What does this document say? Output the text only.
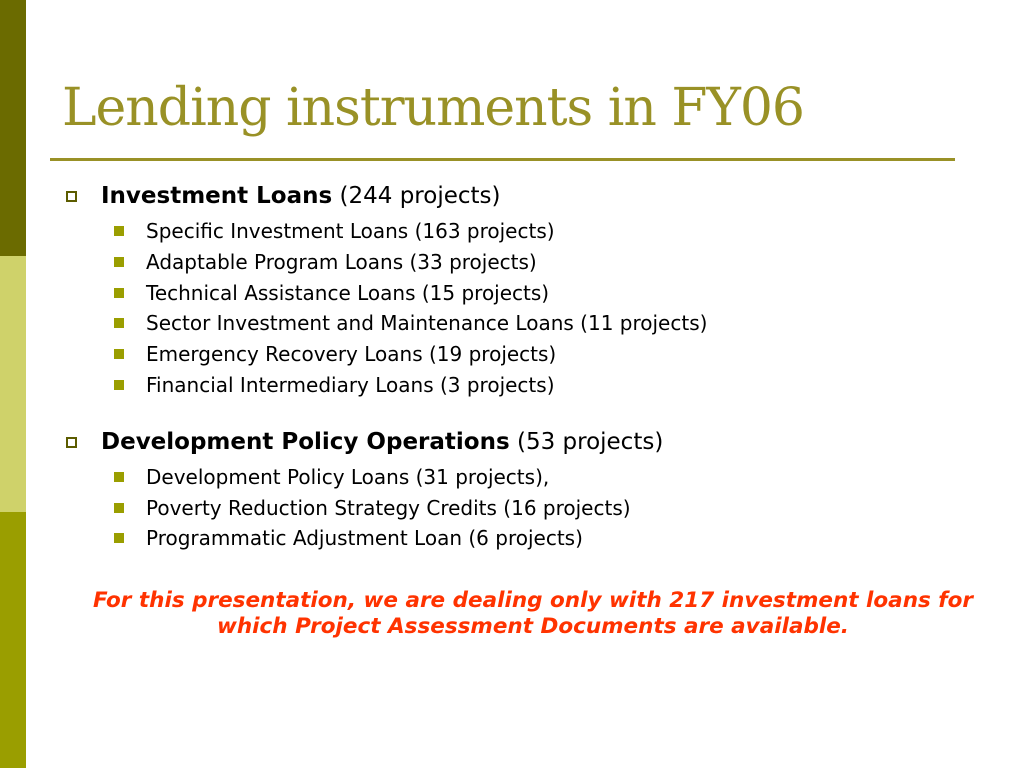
Lending instruments in FY06
Investment Loans (244 projects)
Specific Investment Loans (163 projects)
Adaptable Program Loans (33 projects)
Technical Assistance Loans (15 projects)
Sector Investment and Maintenance Loans (11 projects)
Emergency Recovery Loans (19 projects)
Financial Intermediary Loans (3 projects)
Development Policy Operations (53 projects)
Development Policy Loans (31 projects),
Poverty Reduction Strategy Credits (16 projects)
Programmatic Adjustment Loan (6 projects)
For this presentation, we are dealing only with 217 investment loans for which Project Assessment Documents are available.
